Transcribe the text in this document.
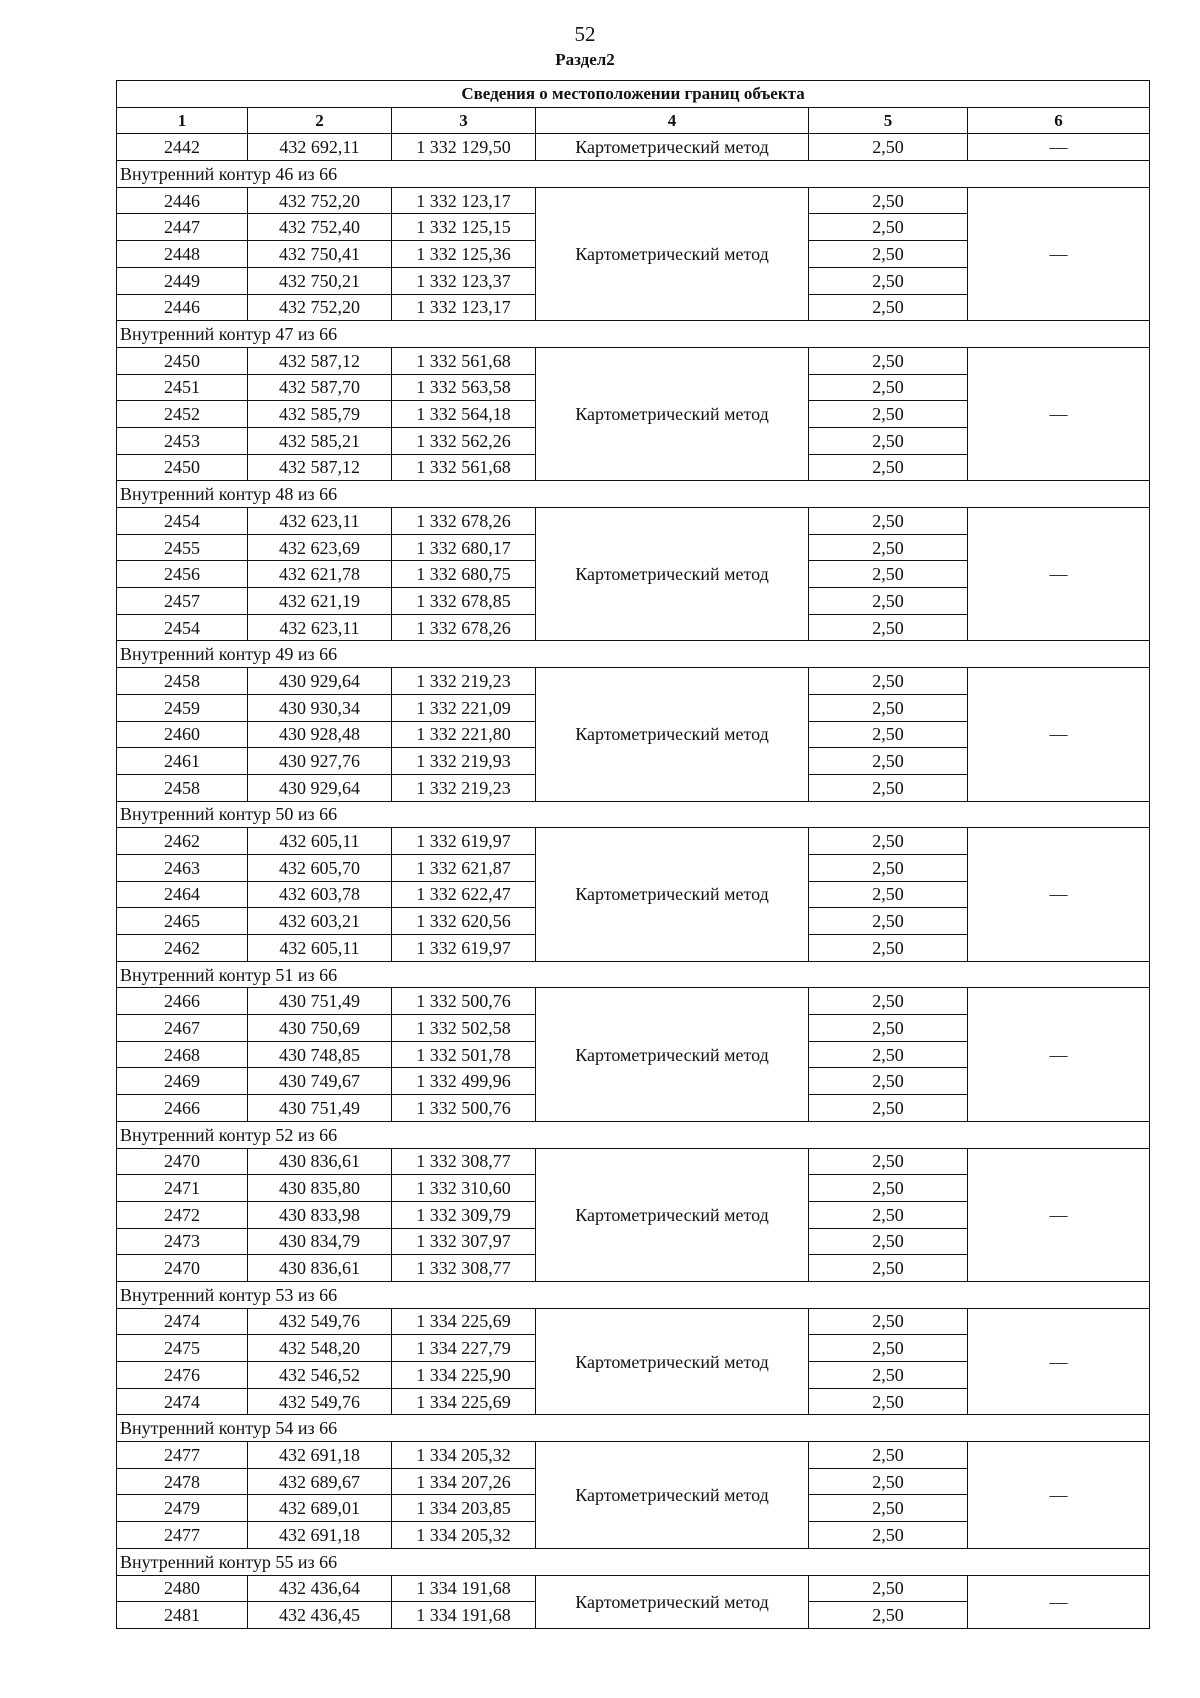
52
Раздел2
Сведения о местоположении границ объекта					
1	2	3	4	5	6
2442	432 692,11	1 332 129,50	Картометрический метод	2,50	—
Внутренний контур 46 из 66					
2446	432 752,20	1 332 123,17	Картометрический метод	2,50	—
2447	432 752,40	1 332 125,15		2,50	
2448	432 750,41	1 332 125,36		2,50	
2449	432 750,21	1 332 123,37		2,50	
2446	432 752,20	1 332 123,17		2,50	
Внутренний контур 47 из 66					
2450	432 587,12	1 332 561,68	Картометрический метод	2,50	—
2451	432 587,70	1 332 563,58		2,50	
2452	432 585,79	1 332 564,18		2,50	
2453	432 585,21	1 332 562,26		2,50	
2450	432 587,12	1 332 561,68		2,50	
Внутренний контур 48 из 66					
2454	432 623,11	1 332 678,26	Картометрический метод	2,50	—
2455	432 623,69	1 332 680,17		2,50	
2456	432 621,78	1 332 680,75		2,50	
2457	432 621,19	1 332 678,85		2,50	
2454	432 623,11	1 332 678,26		2,50	
Внутренний контур 49 из 66					
2458	430 929,64	1 332 219,23	Картометрический метод	2,50	—
2459	430 930,34	1 332 221,09		2,50	
2460	430 928,48	1 332 221,80		2,50	
2461	430 927,76	1 332 219,93		2,50	
2458	430 929,64	1 332 219,23		2,50	
Внутренний контур 50 из 66					
2462	432 605,11	1 332 619,97	Картометрический метод	2,50	—
2463	432 605,70	1 332 621,87		2,50	
2464	432 603,78	1 332 622,47		2,50	
2465	432 603,21	1 332 620,56		2,50	
2462	432 605,11	1 332 619,97		2,50	
Внутренний контур 51 из 66					
2466	430 751,49	1 332 500,76	Картометрический метод	2,50	—
2467	430 750,69	1 332 502,58		2,50	
2468	430 748,85	1 332 501,78		2,50	
2469	430 749,67	1 332 499,96		2,50	
2466	430 751,49	1 332 500,76		2,50	
Внутренний контур 52 из 66					
2470	430 836,61	1 332 308,77	Картометрический метод	2,50	—
2471	430 835,80	1 332 310,60		2,50	
2472	430 833,98	1 332 309,79		2,50	
2473	430 834,79	1 332 307,97		2,50	
2470	430 836,61	1 332 308,77		2,50	
Внутренний контур 53 из 66					
2474	432 549,76	1 334 225,69	Картометрический метод	2,50	—
2475	432 548,20	1 334 227,79		2,50	
2476	432 546,52	1 334 225,90		2,50	
2474	432 549,76	1 334 225,69		2,50	
Внутренний контур 54 из 66					
2477	432 691,18	1 334 205,32	Картометрический метод	2,50	—
2478	432 689,67	1 334 207,26		2,50	
2479	432 689,01	1 334 203,85		2,50	
2477	432 691,18	1 334 205,32		2,50	
Внутренний контур 55 из 66					
2480	432 436,64	1 334 191,68	Картометрический метод	2,50	—
2481	432 436,45	1 334 191,68		2,50	
